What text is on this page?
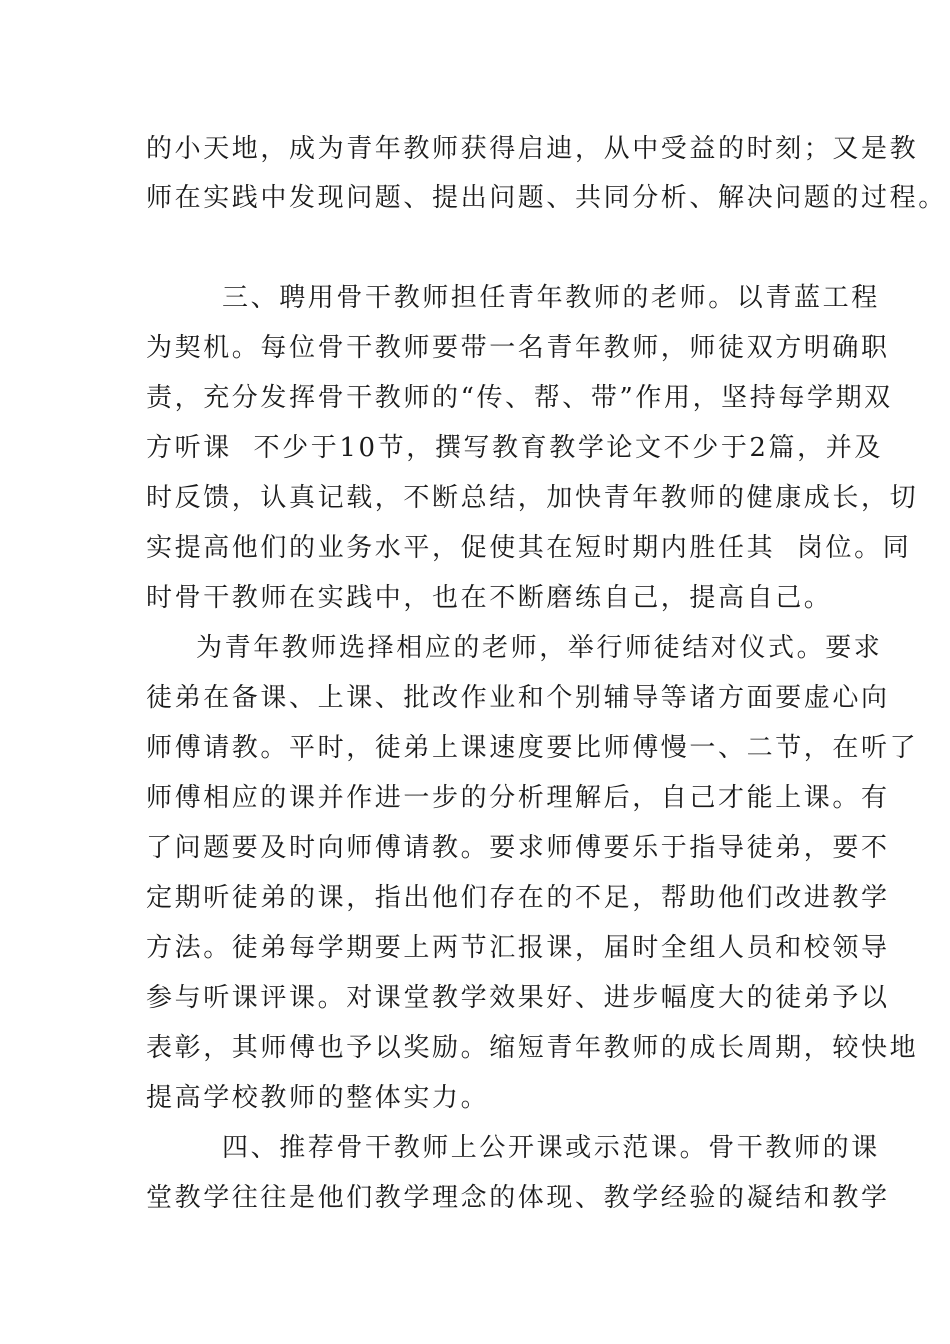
的小天地，成为青年教师获得启迪，从中受益的时刻；又是教
师在实践中发现问题、提出问题、共同分析、解决问题的过程。
三、聘用骨干教师担任青年教师的老师。以青蓝工程
为契机。每位骨干教师要带一名青年教师，师徒双方明确职
责，充分发挥骨干教师的“传、帮、带”作用，坚持每学期双
方听课  不少于10节，撰写教育教学论文不少于2篇，并及
时反馈，认真记载，不断总结，加快青年教师的健康成长，切
实提高他们的业务水平，促使其在短时期内胜任其  岗位。同
时骨干教师在实践中，也在不断磨练自己，提高自己。
为青年教师选择相应的老师，举行师徒结对仪式。要求
徒弟在备课、上课、批改作业和个别辅导等诸方面要虚心向
师傅请教。平时，徒弟上课速度要比师傅慢一、二节，在听了
师傅相应的课并作进一步的分析理解后，自己才能上课。有
了问题要及时向师傅请教。要求师傅要乐于指导徒弟，要不
定期听徒弟的课，指出他们存在的不足，帮助他们改进教学
方法。徒弟每学期要上两节汇报课，届时全组人员和校领导
参与听课评课。对课堂教学效果好、进步幅度大的徒弟予以
表彰，其师傅也予以奖励。缩短青年教师的成长周期，较快地
提高学校教师的整体实力。
四、推荐骨干教师上公开课或示范课。骨干教师的课
堂教学往往是他们教学理念的体现、教学经验的凝结和教学
